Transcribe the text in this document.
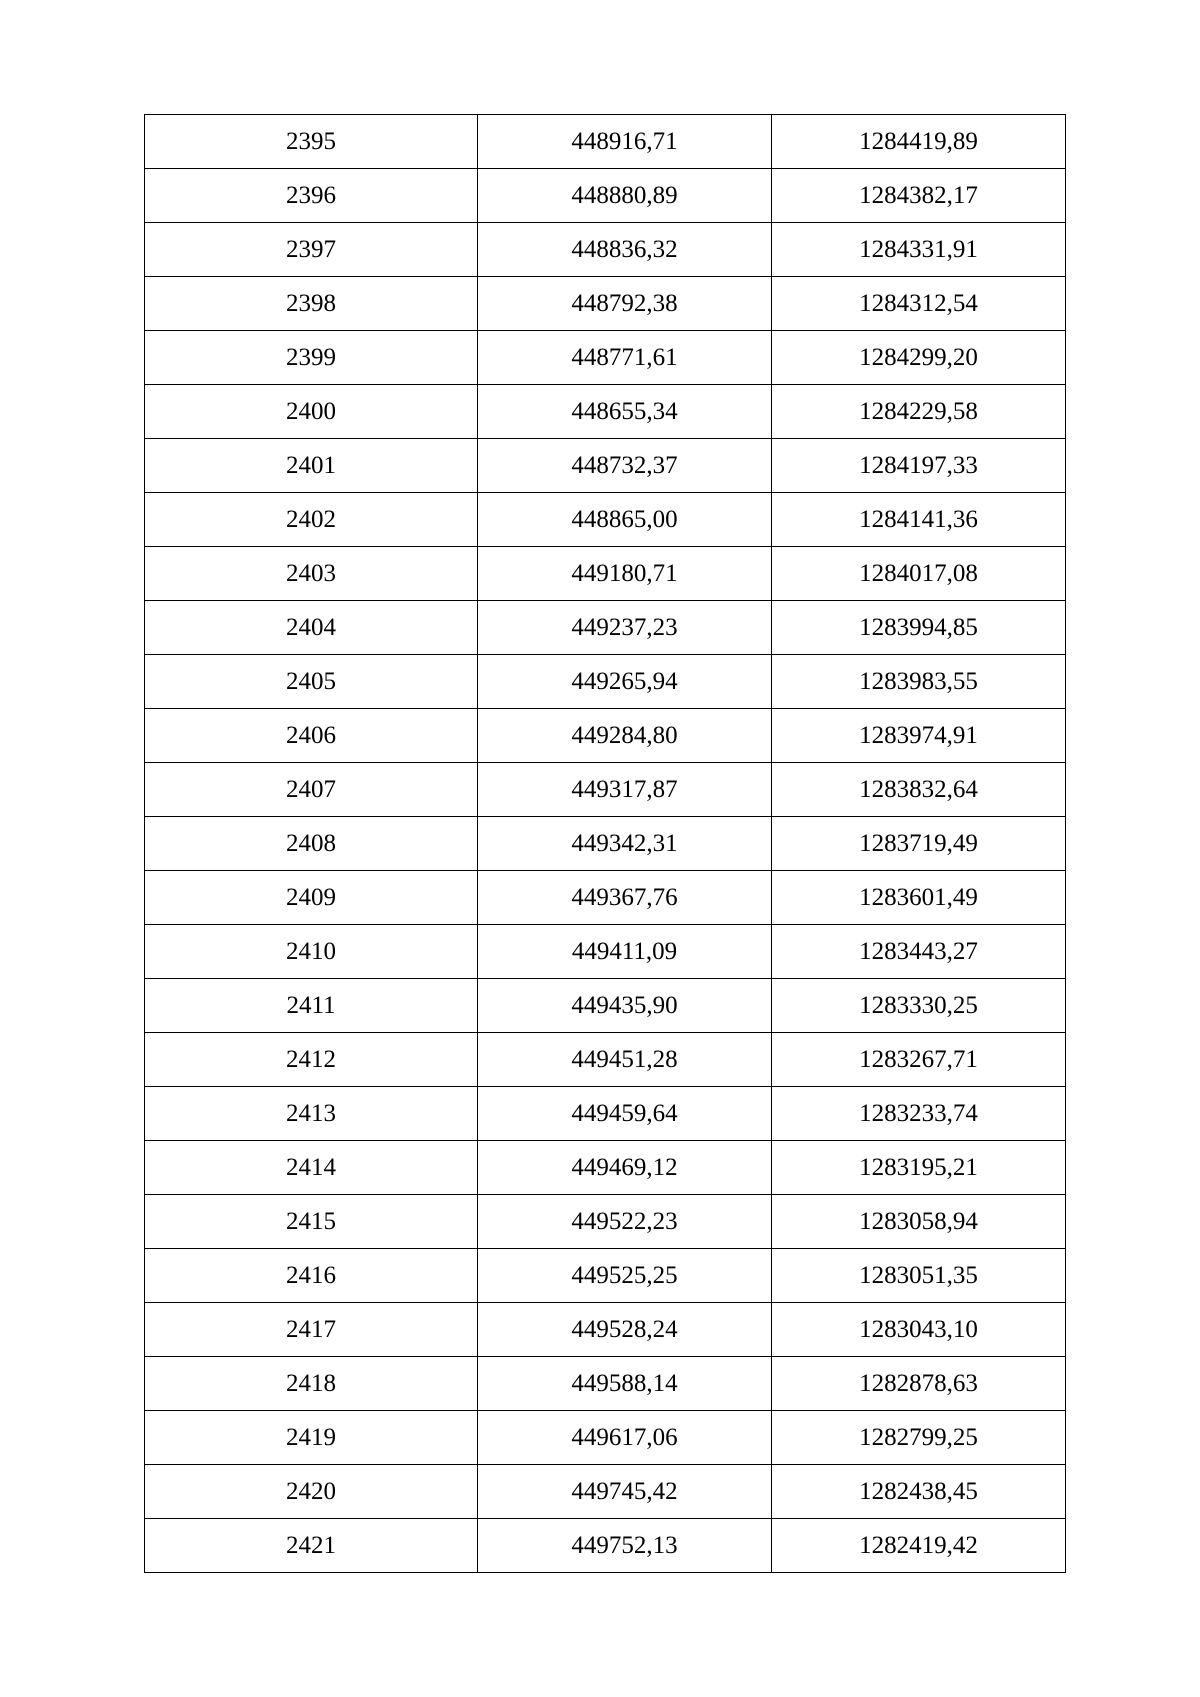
2395	448916,71	1284419,89
2396	448880,89	1284382,17
2397	448836,32	1284331,91
2398	448792,38	1284312,54
2399	448771,61	1284299,20
2400	448655,34	1284229,58
2401	448732,37	1284197,33
2402	448865,00	1284141,36
2403	449180,71	1284017,08
2404	449237,23	1283994,85
2405	449265,94	1283983,55
2406	449284,80	1283974,91
2407	449317,87	1283832,64
2408	449342,31	1283719,49
2409	449367,76	1283601,49
2410	449411,09	1283443,27
2411	449435,90	1283330,25
2412	449451,28	1283267,71
2413	449459,64	1283233,74
2414	449469,12	1283195,21
2415	449522,23	1283058,94
2416	449525,25	1283051,35
2417	449528,24	1283043,10
2418	449588,14	1282878,63
2419	449617,06	1282799,25
2420	449745,42	1282438,45
2421	449752,13	1282419,42
